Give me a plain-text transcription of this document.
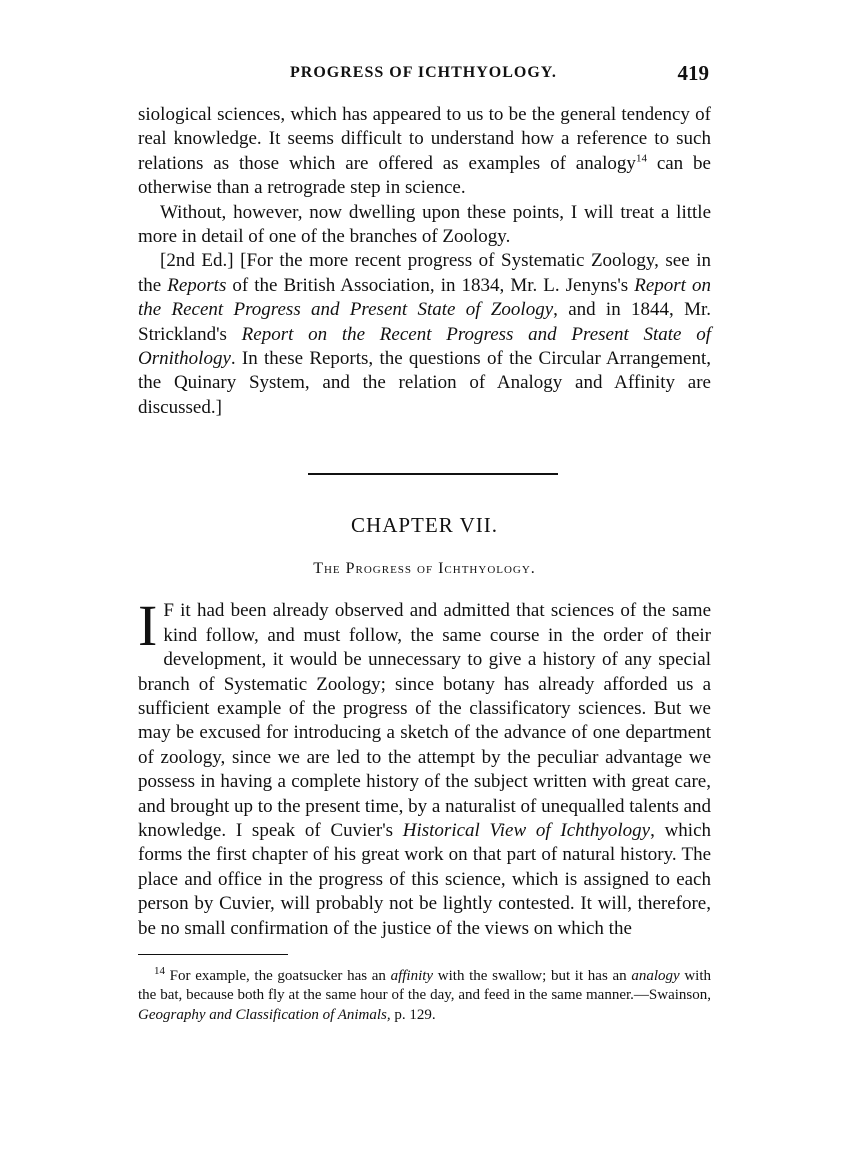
PROGRESS OF ICHTHYOLOGY.	419

siological sciences, which has appeared to us to be the general tendency of real knowledge. It seems difficult to understand how a reference to such relations as those which are offered as examples of analogy$^{14}$ can be otherwise than a retrograde step in science.

Without, however, now dwelling upon these points, I will treat a little more in detail of one of the branches of Zoology.

[2nd Ed.] [For the more recent progress of Systematic Zoology, see in the Reports of the British Association, in 1834, Mr. L. Jenyns's Report on the Recent Progress and Present State of Zoology, and in 1844, Mr. Strickland's Report on the Recent Progress and Present State of Ornithology. In these Reports, the questions of the Circular Arrangement, the Quinary System, and the relation of Analogy and Affinity are discussed.]

CHAPTER VII.
The Progress of Ichthyology.

I F it had been already observed and admitted that sciences of the same kind follow, and must follow, the same course in the order of their development, it would be unnecessary to give a history of any special branch of Systematic Zoology; since botany has already afforded us a sufficient example of the progress of the classificatory sciences. But we may be excused for introducing a sketch of the advance of one department of zoology, since we are led to the attempt by the peculiar advantage we possess in having a complete history of the subject written with great care, and brought up to the present time, by a naturalist of unequalled talents and knowledge. I speak of Cuvier's Historical View of Ichthyology, which forms the first chapter of his great work on that part of natural history. The place and office in the progress of this science, which is assigned to each person by Cuvier, will probably not be lightly contested. It will, therefore, be no small confirmation of the justice of the views on which the

$^{14}$ For example, the goatsucker has an affinity with the swallow; but it has an analogy with the bat, because both fly at the same hour of the day, and feed in the same manner.—Swainson, Geography and Classification of Animals, p. 129.
